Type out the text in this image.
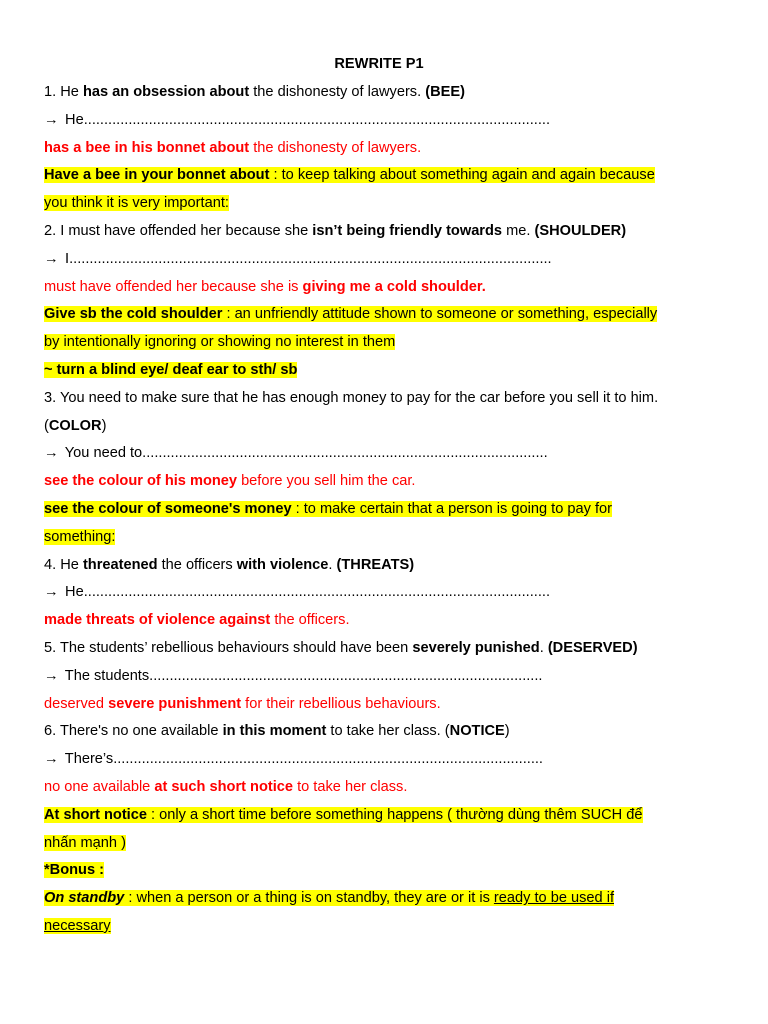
REWRITE P1
1. He has an obsession about the dishonesty of lawyers. (BEE)
→ He...................................................................................................................
has a bee in his bonnet about the dishonesty of lawyers.
Have a bee in your bonnet about : to keep talking about something again and again because
you think it is very important:
2. I must have offended her because she isn’t being friendly towards me. (SHOULDER)
→ I.......................................................................................................................
must have offended her because she is giving me a cold shoulder.
Give sb the cold shoulder : an unfriendly attitude shown to someone or something, especially
by intentionally ignoring or showing no interest in them
~ turn a blind eye/ deaf ear to sth/ sb
3. You need to make sure that he has enough money to pay for the car before you sell it to him.
(COLOR)
→ You need to....................................................................................................
see the colour of his money before you sell him the car.
see the colour of someone's money : to make certain that a person is going to pay for
something:
4. He threatened the officers with violence. (THREATS)
→ He...................................................................................................................
made threats of violence against the officers.
5. The students’ rebellious behaviours should have been severely punished. (DESERVED)
→ The students.................................................................................................
deserved severe punishment for their rebellious behaviours.
6. There's no one available in this moment to take her class. (NOTICE)
→ There’s..........................................................................................................
no one available at such short notice to take her class.
At short notice : only a short time before something happens ( thường dùng thêm SUCH để
nhấn mạnh )
*Bonus :
On standby : when a person or a thing is on standby, they are or it is ready to be used if
necessary
